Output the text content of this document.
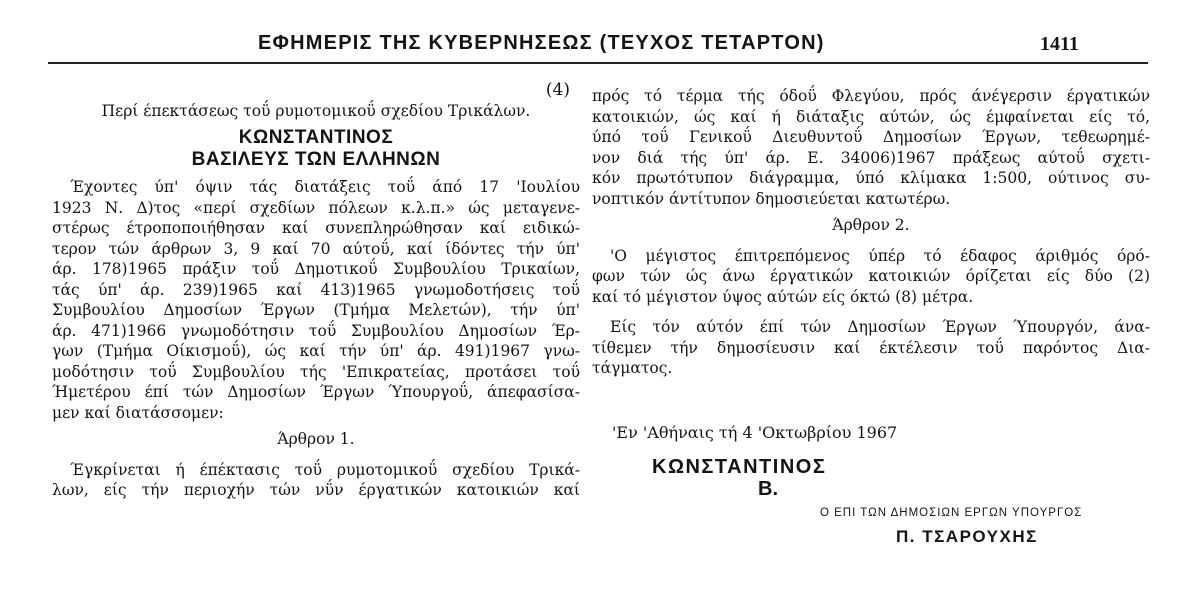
ΕΦΗΜΕΡΙΣ ΤΗΣ ΚΥΒΕΡΝΗΣΕΩΣ (ΤΕΥΧΟΣ ΤΕΤΑΡΤΟΝ)	1411
(4)
Περί έπεκτάσεως τοΰ ρυμοτομικοΰ σχεδίου Τρικάλων.
ΚΩΝΣΤΑΝΤΙΝΟΣ
ΒΑΣΙΛΕΥΣ ΤΩΝ ΕΛΛΗΝΩΝ
Έχοντες ύπ' όψιν τάς διατάξεις τοΰ άπό 17 'Ιουλίου
1923 Ν. Δ)τος «περί σχεδίων πόλεων κ.λ.π.» ώς μεταγενε-
στέρως έτροποποιήθησαν καί συνεπληρώθησαν καί ειδικώ-
τερον τών άρθρων 3, 9 καί 70 αύτοΰ, καί ίδόντες τήν ύπ'
άρ. 178)1965 πράξιν τοΰ Δημοτικοΰ Συμβουλίου Τρικαίων,
τάς ύπ' άρ. 239)1965 καί 413)1965 γνωμοδοτήσεις τοΰ
Συμβουλίου Δημοσίων Έργων (Τμήμα Μελετών), τήν ύπ'
άρ. 471)1966 γνωμοδότησιν τοΰ Συμβουλίου Δημοσίων Έρ-
γων (Τμήμα Οίκισμοΰ), ώς καί τήν ύπ' άρ. 491)1967 γνω-
μοδότησιν τοΰ Συμβουλίου τής 'Επικρατείας, προτάσει τοΰ
Ήμετέρου έπί τών Δημοσίων Έργων Ύπουργοΰ, άπεφασίσα-
μεν καί διατάσσομεν:
Άρθρον 1.
Έγκρίνεται ή έπέκτασις τοΰ ρυμοτομικοΰ σχεδίου Τρικά-
λων, είς τήν περιοχήν τών νΰν έργατικών κατοικιών καί
πρός τό τέρμα τής όδοΰ Φλεγύου, πρός άνέγερσιν έργατικών
κατοικιών, ώς καί ή διάταξις αύτών, ώς έμφαίνεται είς τό,
ύπό τοΰ Γενικοΰ Διευθυντοΰ Δημοσίων Έργων, τεθεωρημέ-
νον διά τής ύπ' άρ. Ε. 34006)1967 πράξεως αύτοΰ σχετι-
κόν πρωτότυπον διάγραμμα, ύπό κλίμακα 1:500, ούτινος συ-
νοπτικόν άντίτυπον δημοσιεύεται κατωτέρω.
Άρθρον 2.
'Ο μέγιστος έπιτρεπόμενος ύπέρ τό έδαφος άριθμός όρό-
φων τών ώς άνω έργατικών κατοικιών όρίζεται είς δύο (2)
καί τό μέγιστον ύψος αύτών είς όκτώ (8) μέτρα.
Είς τόν αύτόν έπί τών Δημοσίων Έργων Ύπουργόν, άνα-
τίθεμεν τήν δημοσίευσιν καί έκτέλεσιν τοΰ παρόντος Δια-
τάγματος.
'Εν 'Αθήναις τή 4 'Οκτωβρίου 1967
ΚΩΝΣΤΑΝΤΙΝΟΣ
Β.
Ο ΕΠΙ ΤΩΝ ΔΗΜΟΣΙΩΝ ΕΡΓΩΝ ΥΠΟΥΡΓΟΣ
Π. ΤΣΑΡΟΥΧΗΣ
